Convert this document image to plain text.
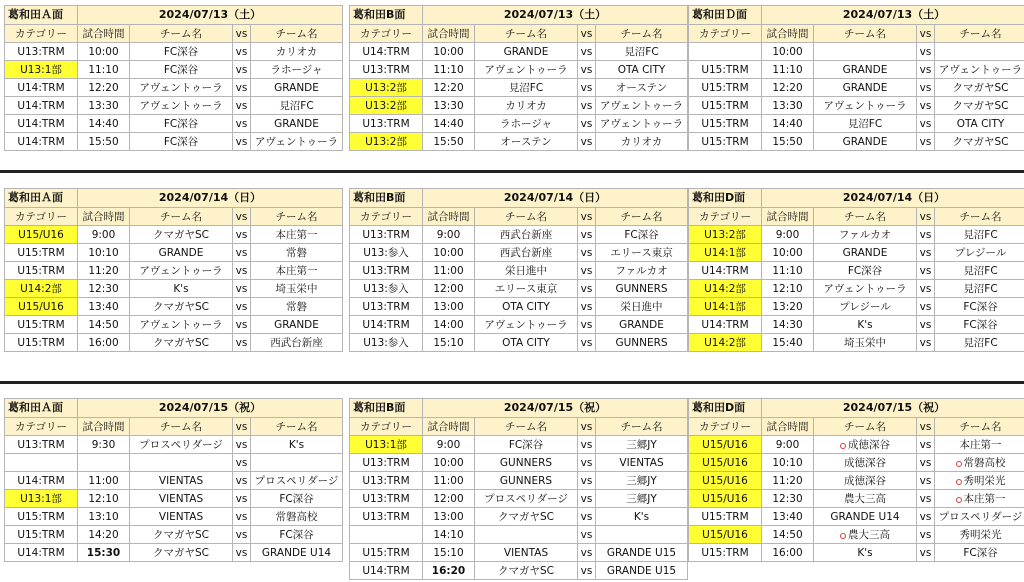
葛和田Ａ面	2024/07/13（土）			
カテゴリー	試合時間	チーム名	vs	チーム名
U13:TRM	10:00	FC深谷	vs	カリオカ
U13:1部	11:10	FC深谷	vs	ラホージャ
U14:TRM	12:20	アヴェントゥーラ	vs	GRANDE
U14:TRM	13:30	アヴェントゥーラ	vs	見沼FC
U14:TRM	14:40	FC深谷	vs	GRANDE
U14:TRM	15:50	FC深谷	vs	アヴェントゥーラ
葛和田B面	2024/07/13（土）			
カテゴリー	試合時間	チーム名	vs	チーム名
U14:TRM	10:00	GRANDE	vs	見沼FC
U13:TRM	11:10	アヴェントゥーラ	vs	OTA CITY
U13:2部	12:20	見沼FC	vs	オーステン
U13:2部	13:30	カリオカ	vs	アヴェントゥーラ
U13:TRM	14:40	ラホージャ	vs	アヴェントゥーラ
U13:2部	15:50	オーステン	vs	カリオカ
葛和田Ｄ面	2024/07/13（土）			
カテゴリー	試合時間	チーム名	vs	チーム名
	10:00		vs	
U15:TRM	11:10	GRANDE	vs	アヴェントゥーラ
U15:TRM	12:20	GRANDE	vs	クマガヤSC
U15:TRM	13:30	アヴェントゥーラ	vs	クマガヤSC
U15:TRM	14:40	見沼FC	vs	OTA CITY
U15:TRM	15:50	GRANDE	vs	クマガヤSC
葛和田Ａ面	2024/07/14（日）			
カテゴリー	試合時間	チーム名	vs	チーム名
U15/U16	9:00	クマガヤSC	vs	本庄第一
U15:TRM	10:10	GRANDE	vs	常磐
U15:TRM	11:20	アヴェントゥーラ	vs	本庄第一
U14:2部	12:30	K's	vs	埼玉栄中
U15/U16	13:40	クマガヤSC	vs	常磐
U15:TRM	14:50	アヴェントゥーラ	vs	GRANDE
U15:TRM	16:00	クマガヤSC	vs	西武台新座
葛和田B面	2024/07/14（日）			
カテゴリー	試合時間	チーム名	vs	チーム名
U13:TRM	9:00	西武台新座	vs	FC深谷
U13:参入	10:00	西武台新座	vs	エリース東京
U13:TRM	11:00	栄日進中	vs	ファルカオ
U13:参入	12:00	エリース東京	vs	GUNNERS
U13:TRM	13:00	OTA CITY	vs	栄日進中
U14:TRM	14:00	アヴェントゥーラ	vs	GRANDE
U13:参入	15:10	OTA CITY	vs	GUNNERS
葛和田D面	2024/07/14（日）			
カテゴリー	試合時間	チーム名	vs	チーム名
U13:2部	9:00	ファルカオ	vs	見沼FC
U14:1部	10:00	GRANDE	vs	プレジール
U14:TRM	11:10	FC深谷	vs	見沼FC
U14:2部	12:10	アヴェントゥーラ	vs	見沼FC
U14:1部	13:20	プレジール	vs	FC深谷
U14:TRM	14:30	K's	vs	FC深谷
U14:2部	15:40	埼玉栄中	vs	見沼FC
葛和田Ａ面	2024/07/15（祝）			
カテゴリー	試合時間	チーム名	vs	チーム名
U13:TRM	9:30	プロスペリダージ	vs	K's
			vs	
U14:TRM	11:00	VIENTAS	vs	プロスペリダージ
U13:1部	12:10	VIENTAS	vs	FC深谷
U15:TRM	13:10	VIENTAS	vs	常磐高校
U15:TRM	14:20	クマガヤSC	vs	FC深谷
U14:TRM	15:30	クマガヤSC	vs	GRANDE U14
葛和田B面	2024/07/15（祝）			
カテゴリー	試合時間	チーム名	vs	チーム名
U13:1部	9:00	FC深谷	vs	三郷JY
U13:TRM	10:00	GUNNERS	vs	VIENTAS
U13:TRM	11:00	GUNNERS	vs	三郷JY
U13:TRM	12:00	プロスペリダージ	vs	三郷JY
U13:TRM	13:00	クマガヤSC	vs	K's
	14:10		vs	
U15:TRM	15:10	VIENTAS	vs	GRANDE U15
U14:TRM	16:20	クマガヤSC	vs	GRANDE U15
葛和田D面	2024/07/15（祝）			
カテゴリー	試合時間	チーム名	vs	チーム名
U15/U16	9:00	成徳深谷	vs	本庄第一
U15/U16	10:10	成徳深谷	vs	常磐高校
U15/U16	11:20	成徳深谷	vs	秀明栄光
U15/U16	12:30	農大三高	vs	本庄第一
U15:TRM	13:40	GRANDE U14	vs	プロスペリダージ
U15/U16	14:50	農大三高	vs	秀明栄光
U15:TRM	16:00	K's	vs	FC深谷
